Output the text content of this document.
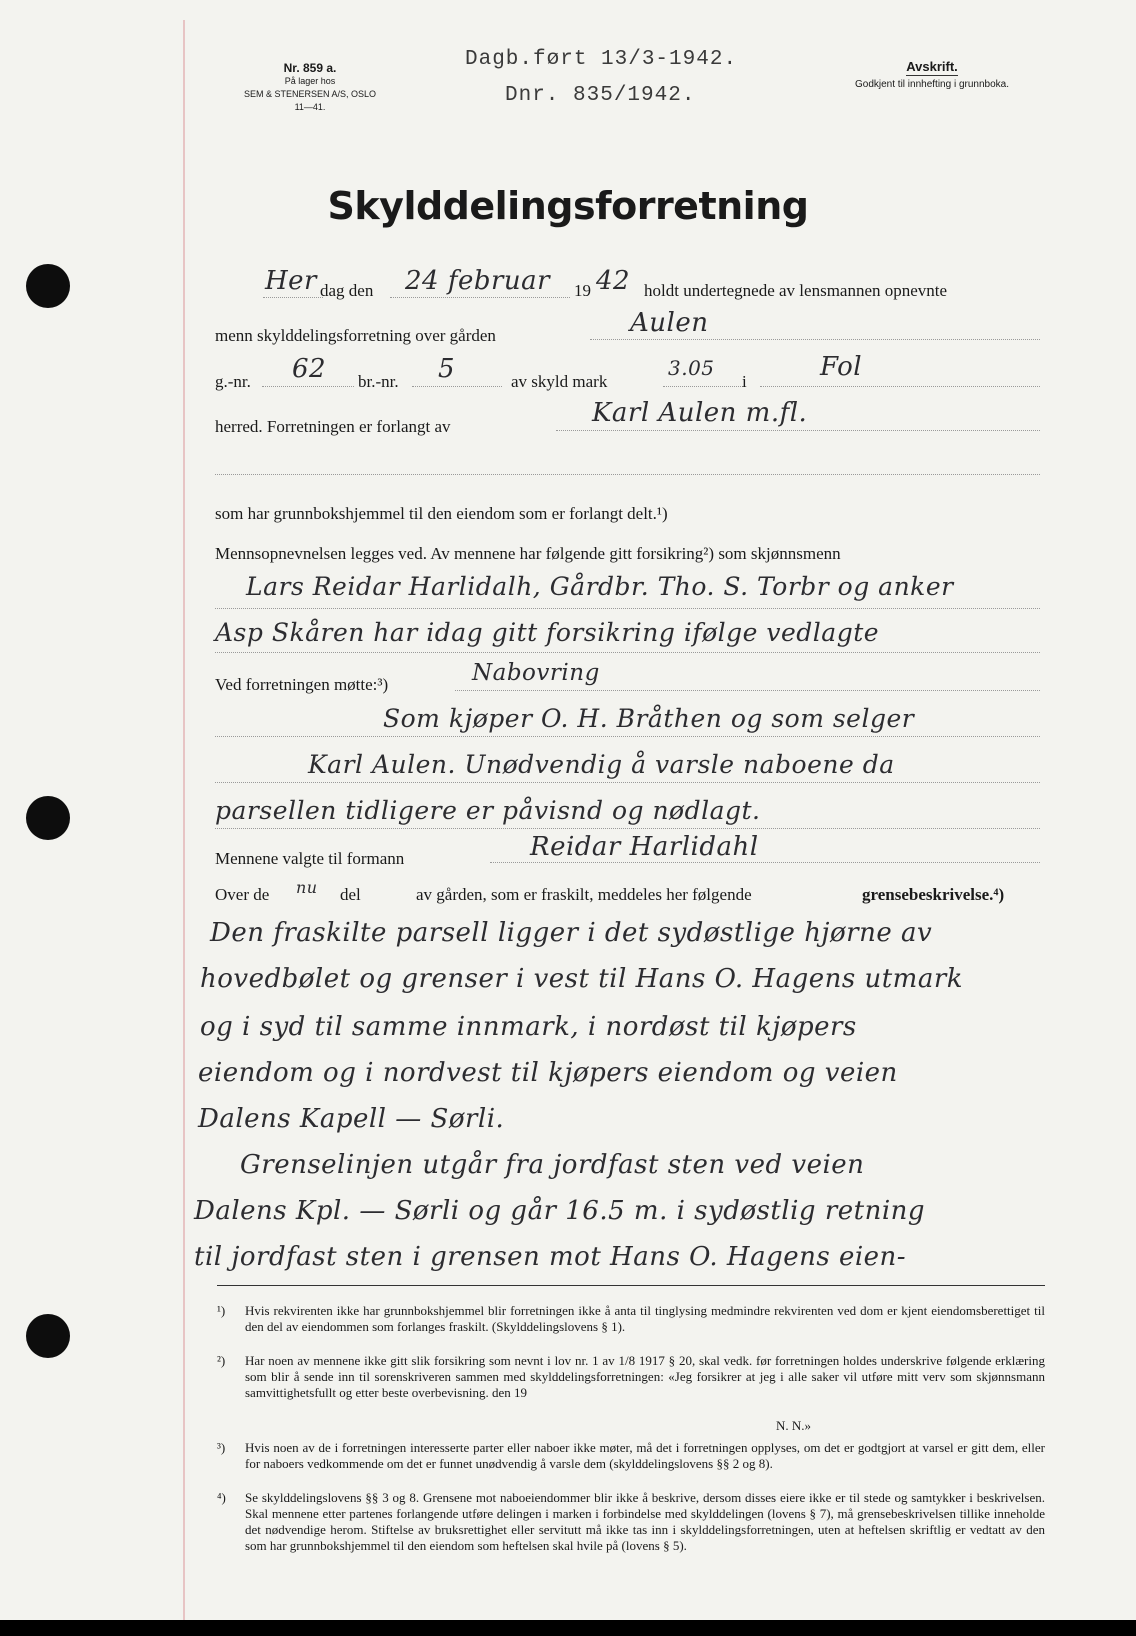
Nr. 859 a.
På lager hos
SEM & STENERSEN A/S, OSLO
11—41.
Dagb.ført 13/3-1942.
Dnr. 835/1942.
Avskrift.
Godkjent til innhefting i grunnboka.
Skylddelingsforretning
Her dag den 24 februar 19 42 holdt undertegnede av lensmannen opnevnte
menn skylddelingsforretning over gården	Aulen
g.-nr. 62 br.-nr. 5	av skyld mark
3.05
i	Fol
herred. Forretningen er forlangt av	Karl Aulen m.fl.
som har grunnbokshjemmel til den eiendom som er forlangt delt.¹)
Mennsopnevnelsen legges ved. Av mennene har følgende gitt forsikring²) som skjønnsmenn
Lars Reidar Harlidalh, Gårdbr. Tho. S. Torbr og anker
Asp Skåren har idag gitt forsikring ifølge vedlagte
Ved forretningen møtte:³)	Nabovring
Som kjøper O. H. Bråthen og som selger
Karl Aulen. Unødvendig å varsle naboene da
parsellen tidligere er påvisnd og nødlagt.
Mennene valgte til formann	Reidar Harlidahl
Over de nu del	av gården, som er fraskilt, meddeles her følgende	grensebeskrivelse.⁴)
Den fraskilte parsell ligger i det sydøstlige hjørne av
hovedbølet og grenser i vest til Hans O. Hagens utmark
og i syd til samme innmark, i nordøst til kjøpers
eiendom og i nordvest til kjøpers eiendom og veien
Dalens Kapell — Sørli.
Grenselinjen utgår fra jordfast sten ved veien
Dalens Kpl. — Sørli og går 16.5 m. i sydøstlig retning
til jordfast sten i grensen mot Hans O. Hagens eien-
¹) Hvis rekvirenten ikke har grunnbokshjemmel blir forretningen ikke å anta til tinglysing medmindre rekvirenten ved dom er kjent eiendomsberettiget til den del av eiendommen som forlanges fraskilt. (Skylddelingslovens § 1).
²) Har noen av mennene ikke gitt slik forsikring som nevnt i lov nr. 1 av 1/8 1917 § 20, skal vedk. før forretningen holdes underskrive følgende erklæring som blir å sende inn til sorenskriveren sammen med skylddelingsforretningen: «Jeg forsikrer at jeg i alle saker vil utføre mitt verv som skjønnsmann samvittighetsfullt og etter beste overbevisning. den 19
N. N.»
³) Hvis noen av de i forretningen interesserte parter eller naboer ikke møter, må det i forretningen opplyses, om det er godtgjort at varsel er gitt dem, eller for naboers vedkommende om det er funnet unødvendig å varsle dem (skylddelingslovens §§ 2 og 8).
⁴) Se skylddelingslovens §§ 3 og 8. Grensene mot naboeiendommer blir ikke å beskrive, dersom disses eiere ikke er til stede og samtykker i beskrivelsen. Skal mennene etter partenes forlangende utføre delingen i marken i forbindelse med skylddelingen (lovens § 7), må grensebeskrivelsen tillike inneholde det nødvendige herom. Stiftelse av bruksrettighet eller servitutt må ikke tas inn i skylddelingsforretningen, uten at heftelsen skriftlig er vedtatt av den som har grunnbokshjemmel til den eiendom som heftelsen skal hvile på (lovens § 5).
